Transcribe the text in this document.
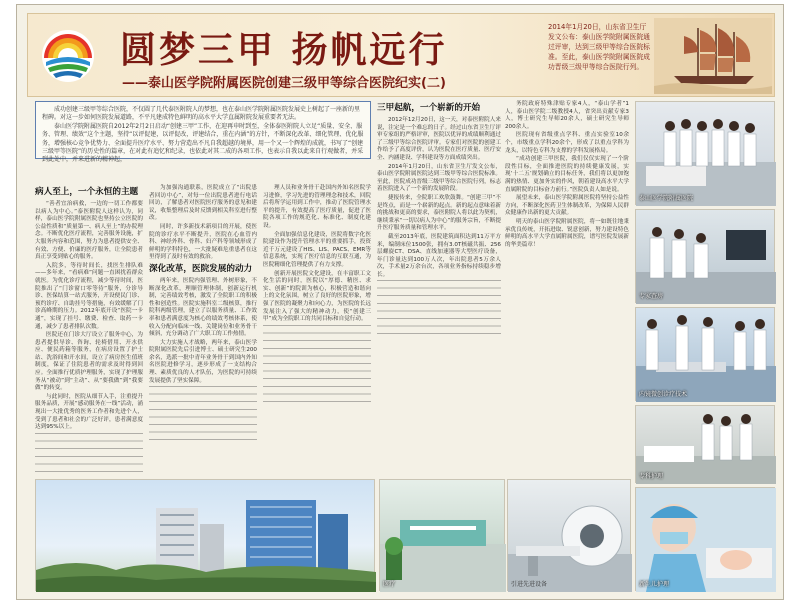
圆梦三甲 扬帆远行
——泰山医学院附属医院创建三级甲等综合医院纪实(二)
2014年1月20日，山东省卫生厅发文公布：泰山医学院附属医院通过评审，达到三级甲等综合医院标准。至此，泰山医学院附属医院成功晋级三级甲等综合医院行列。

成功创建三级甲等综合医院，不仅圆了几代泰医附院人的梦想，也在泰山医学院附属医院发展史上树起了一座新的里程碑。对这一步如何医院发展道路，不平凡建成特色鲜明的高水平大学直属附院发展重要者无法。

泰山医学院附属医院自2012年2月2日启动“创建三甲”工作，在迎再申时到至，全体泰医附院人立足“质量、安全、服务、管理、绩效”这个主题，坚持“以评促建，以评促改，评建结合，重在内涵”的方针，不断深化改革、细化管理、优化服务，增强核心竞争优势力、全面提升医疗水平、努力营造出不凡自我超越的境界，用一个又一个辉煌的成就，书写了“创建三级甲等医院”的历史性的篇章，在对此有追忆和纪录，也依此对其二成的各项工作，也表示自我以此来自行观做者，并采到此处中，并来进新的精神起，

病人至上，一个永恒的主题

“善者宜治病救，一边的一切工作都要以病人为中心。”泰医附院人这样认为，同样，泰山医学院附属医院也坚持公立医院的公益性质和“质量第一、病人至上”的办院理念。不断优化医疗流程，完善服务设施，扩大服务内容和范围，努力为患者提供安全、有效、方便、价廉的医疗服务，让全院患者真正享受到贴心的服务。

入院多，等待时间长，找医生排队难——多年来，“看病难”问题一直困扰着群众就医。为优化诊疗流程，减少等待时间，医院推出了“门诊窗口零等待”服务，分诊导诊、医保结算一站式服务，开设便民门诊、预约诊疗、自助挂号等措施，有效缓解了门诊高峰期的压力。2012年底开设“医院一卡通”，实现了挂号、缴费、检查、取药一卡通，减少了患者排队次数。

医院还在门诊大厅设立了服务中心，为患者提供导诊、咨询、轮椅借用、开水供应、便民药箱等服务，在病房设置了护士站、洗浴间和开水间，设立了病房医生值班制度，保证了住院患者的需求及时得到回应。全面推行优质护理服务，实现了护理服务从“被动”到“主动”、从“要我做”到“我要做”的转变。

与此同时，医院从细节入手，注重提升服务品质，开展“感动服务在一线”活动，涌现出一大批优秀的医务工作者和先进个人，受到了患者和社会的广泛好评，患者满意度达到95%以上。

为加强沟通联系，医院成立了“出院患者回访中心”，对每一位出院患者进行电话回访，了解患者对医院医疗服务的意见和建议，收集整理后及时反馈到相关科室进行整改。

同时，许多新技术新项目的开展，使医院的诊疗水平不断提升，医院在心血管内科、神经外科、骨科、妇产科等领域形成了鲜明的学科特色，一大批疑难危重患者在这里得到了及时有效的救治。

深化改革，医院发展的动力

两年来，医院内强管理、外树形象，不断深化改革，理顺管理体制，创新运行机制，完善绩效考核，激发了全院职工的积极性和创造性。医院实施科室二级核算，推行院科两级管理，建立了以服务质量、工作效率和患者满意度为核心的绩效考核体系，使收入分配向临床一线、关键岗位和业务骨干倾斜，充分调动了广大职工的工作热情。

大力实施人才战略，两年来，泰山医学院附属医院先后引进博士、硕士研究生200余名，选派一批中青年业务骨干到国内外知名医院进修学习，逐步形成了一支结构合理、素质优良的人才队伍，为医院的可持续发展提供了坚实保障。

理人员和业务骨干赴国内外知名医院学习进修，学习先进的管理理念和技术，回院后将所学运用到工作中，推动了医院管理水平的提升，有效提高了医疗质量，促进了医院各项工作的规范化、标准化、制度化建设。

全面加强信息化建设，医院将数字化医院建设作为提升管理水平的重要抓手，投资近千万元建设了HIS、LIS、PACS、EMR等信息系统，实现了医疗信息的互联互通，为医院精细化管理提供了有力支撑。

创新开展医院文化建设，在丰富职工文化生活的同时，医院以“厚德、精医、求实、创新”的院训为核心，积极营造和谐向上的文化氛围，树立了良好的医院形象，增强了医院的凝聚力和向心力，为医院的长远发展注入了强大的精神动力，使“创建三甲”成为全院职工的共同目标和自觉行动。

三甲起航，一个崭新的开始

2012年12月20日，这一天，对泰医附院人来说，注定是一个难忘的日子。经过山东省卫生厅评审专家组的严格评审，医院以优异的成绩顺利通过了三级甲等综合医院评审。专家们对医院的创建工作给予了高度评价，认为医院在医疗质量、医疗安全、内涵建设、学科建设等方面成绩突出。

2014年1月20日，山东省卫生厅发文公布，泰山医学院附属医院达到三级甲等综合医院标准。至此，医院成功晋级三级甲等综合医院行列，标志着医院进入了一个新的发展阶段。

捷报传来，全院职工欢欣鼓舞。“创建三甲”不是终点，而是一个崭新的起点。新的起点意味着新的挑战和更高的要求，泰医附院人将以此为契机，继续秉承“一切以病人为中心”的服务宗旨，不断提升医疗服务质量和管理水平。

截至2013年底，医院建筑面积达到11万平方米，编制床位1500张，拥有3.0T核磁共振、256层螺旋CT、DSA、直线加速器等大型医疗设备，年门诊量达到100万人次，年出院患者5万余人次，手术量2万余台次，各项业务指标持续稳步增长。

务院政府特殊津贴专家4人，“泰山学者”1人，泰山医学院二级教授4人，省突出贡献专家3人，博士研究生导师20余人，硕士研究生导师200余人。

医院现有省级重点学科、重点实验室10余个，市级重点学科20余个，形成了以重点学科为龙头，以特色专科为支撑的学科发展格局。

“成功创建三甲医院，我们仅仅实现了一个阶段性目标，全面推进医院的持续健康发展，实现‘十二五’规划确立的目标任务，我们将以更加饱满的热情、更加务实的作风，朝着建设高水平大学直属附院的目标奋力前行。”医院负责人如是说。

展望未来，泰山医学院附属医院将坚持公益性方向，不断深化医药卫生体制改革，为保障人民群众健康作出新的更大贡献。

明天的泰山医学院附属医院，将一如既往地秉承优良传统，开拓进取、锐意创新，努力建设特色鲜明的高水平大学直属附属医院，谱写医院发展新的华美篇章！

泰山医学院附属医院
专家查房
内镜微创诊疗技术
专科护理
新生儿护理
医疗	引进先进设备
